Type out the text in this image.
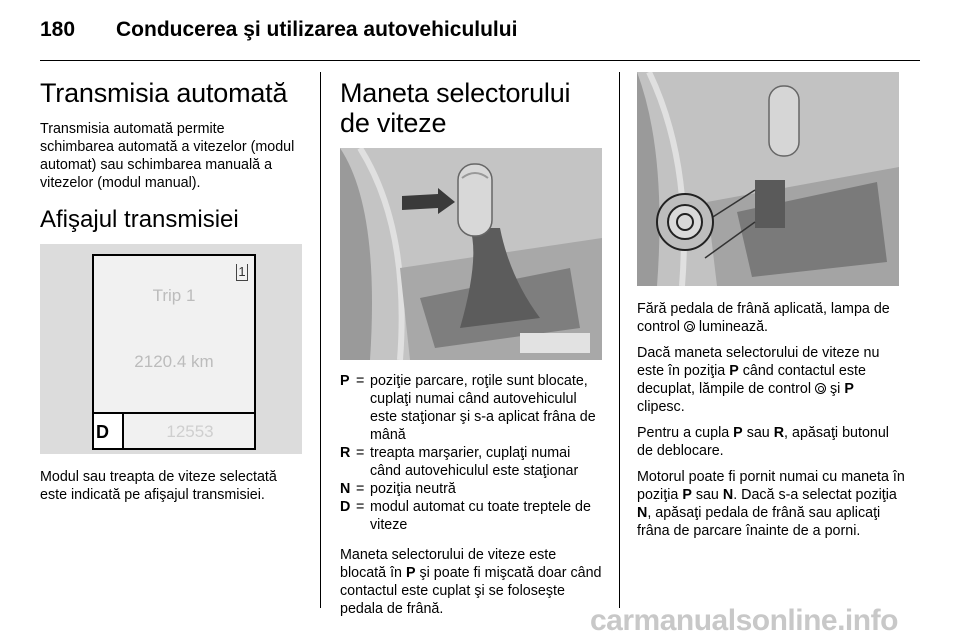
180 Conducerea şi utilizarea autovehiculului
Transmisia automată

Transmisia automată permite schimbarea automată a vitezelor (modul automat) sau schimbarea manuală a vitezelor (modul manual).

Afişajul transmisiei
1
Trip 1
2120.4 km
D	12553

Modul sau treapta de viteze selectată este indicată pe afişajul transmisiei.

Maneta selectorului de viteze
P = poziţie parcare, roţile sunt blocate, cuplaţi numai când autovehiculul este staţionar şi s-a aplicat frâna de mână
R = treapta marşarier, cuplaţi numai când autovehiculul este staţionar
N = poziţia neutră
D = modul automat cu toate treptele de viteze

Maneta selectorului de viteze este blocată în P şi poate fi mişcată doar când contactul este cuplat şi se foloseşte pedala de frână.

Fără pedala de frână aplicată, lampa de control  luminează.

Dacă maneta selectorului de viteze nu este în poziţia P când contactul este decuplat, lămpile de control  şi P clipesc.

Pentru a cupla P sau R, apăsaţi butonul de deblocare.

Motorul poate fi pornit numai cu maneta în poziţia P sau N. Dacă s-a selectat poziţia N, apăsaţi pedala de frână sau aplicaţi frâna de parcare înainte de a porni.

carmanualsonline.info
